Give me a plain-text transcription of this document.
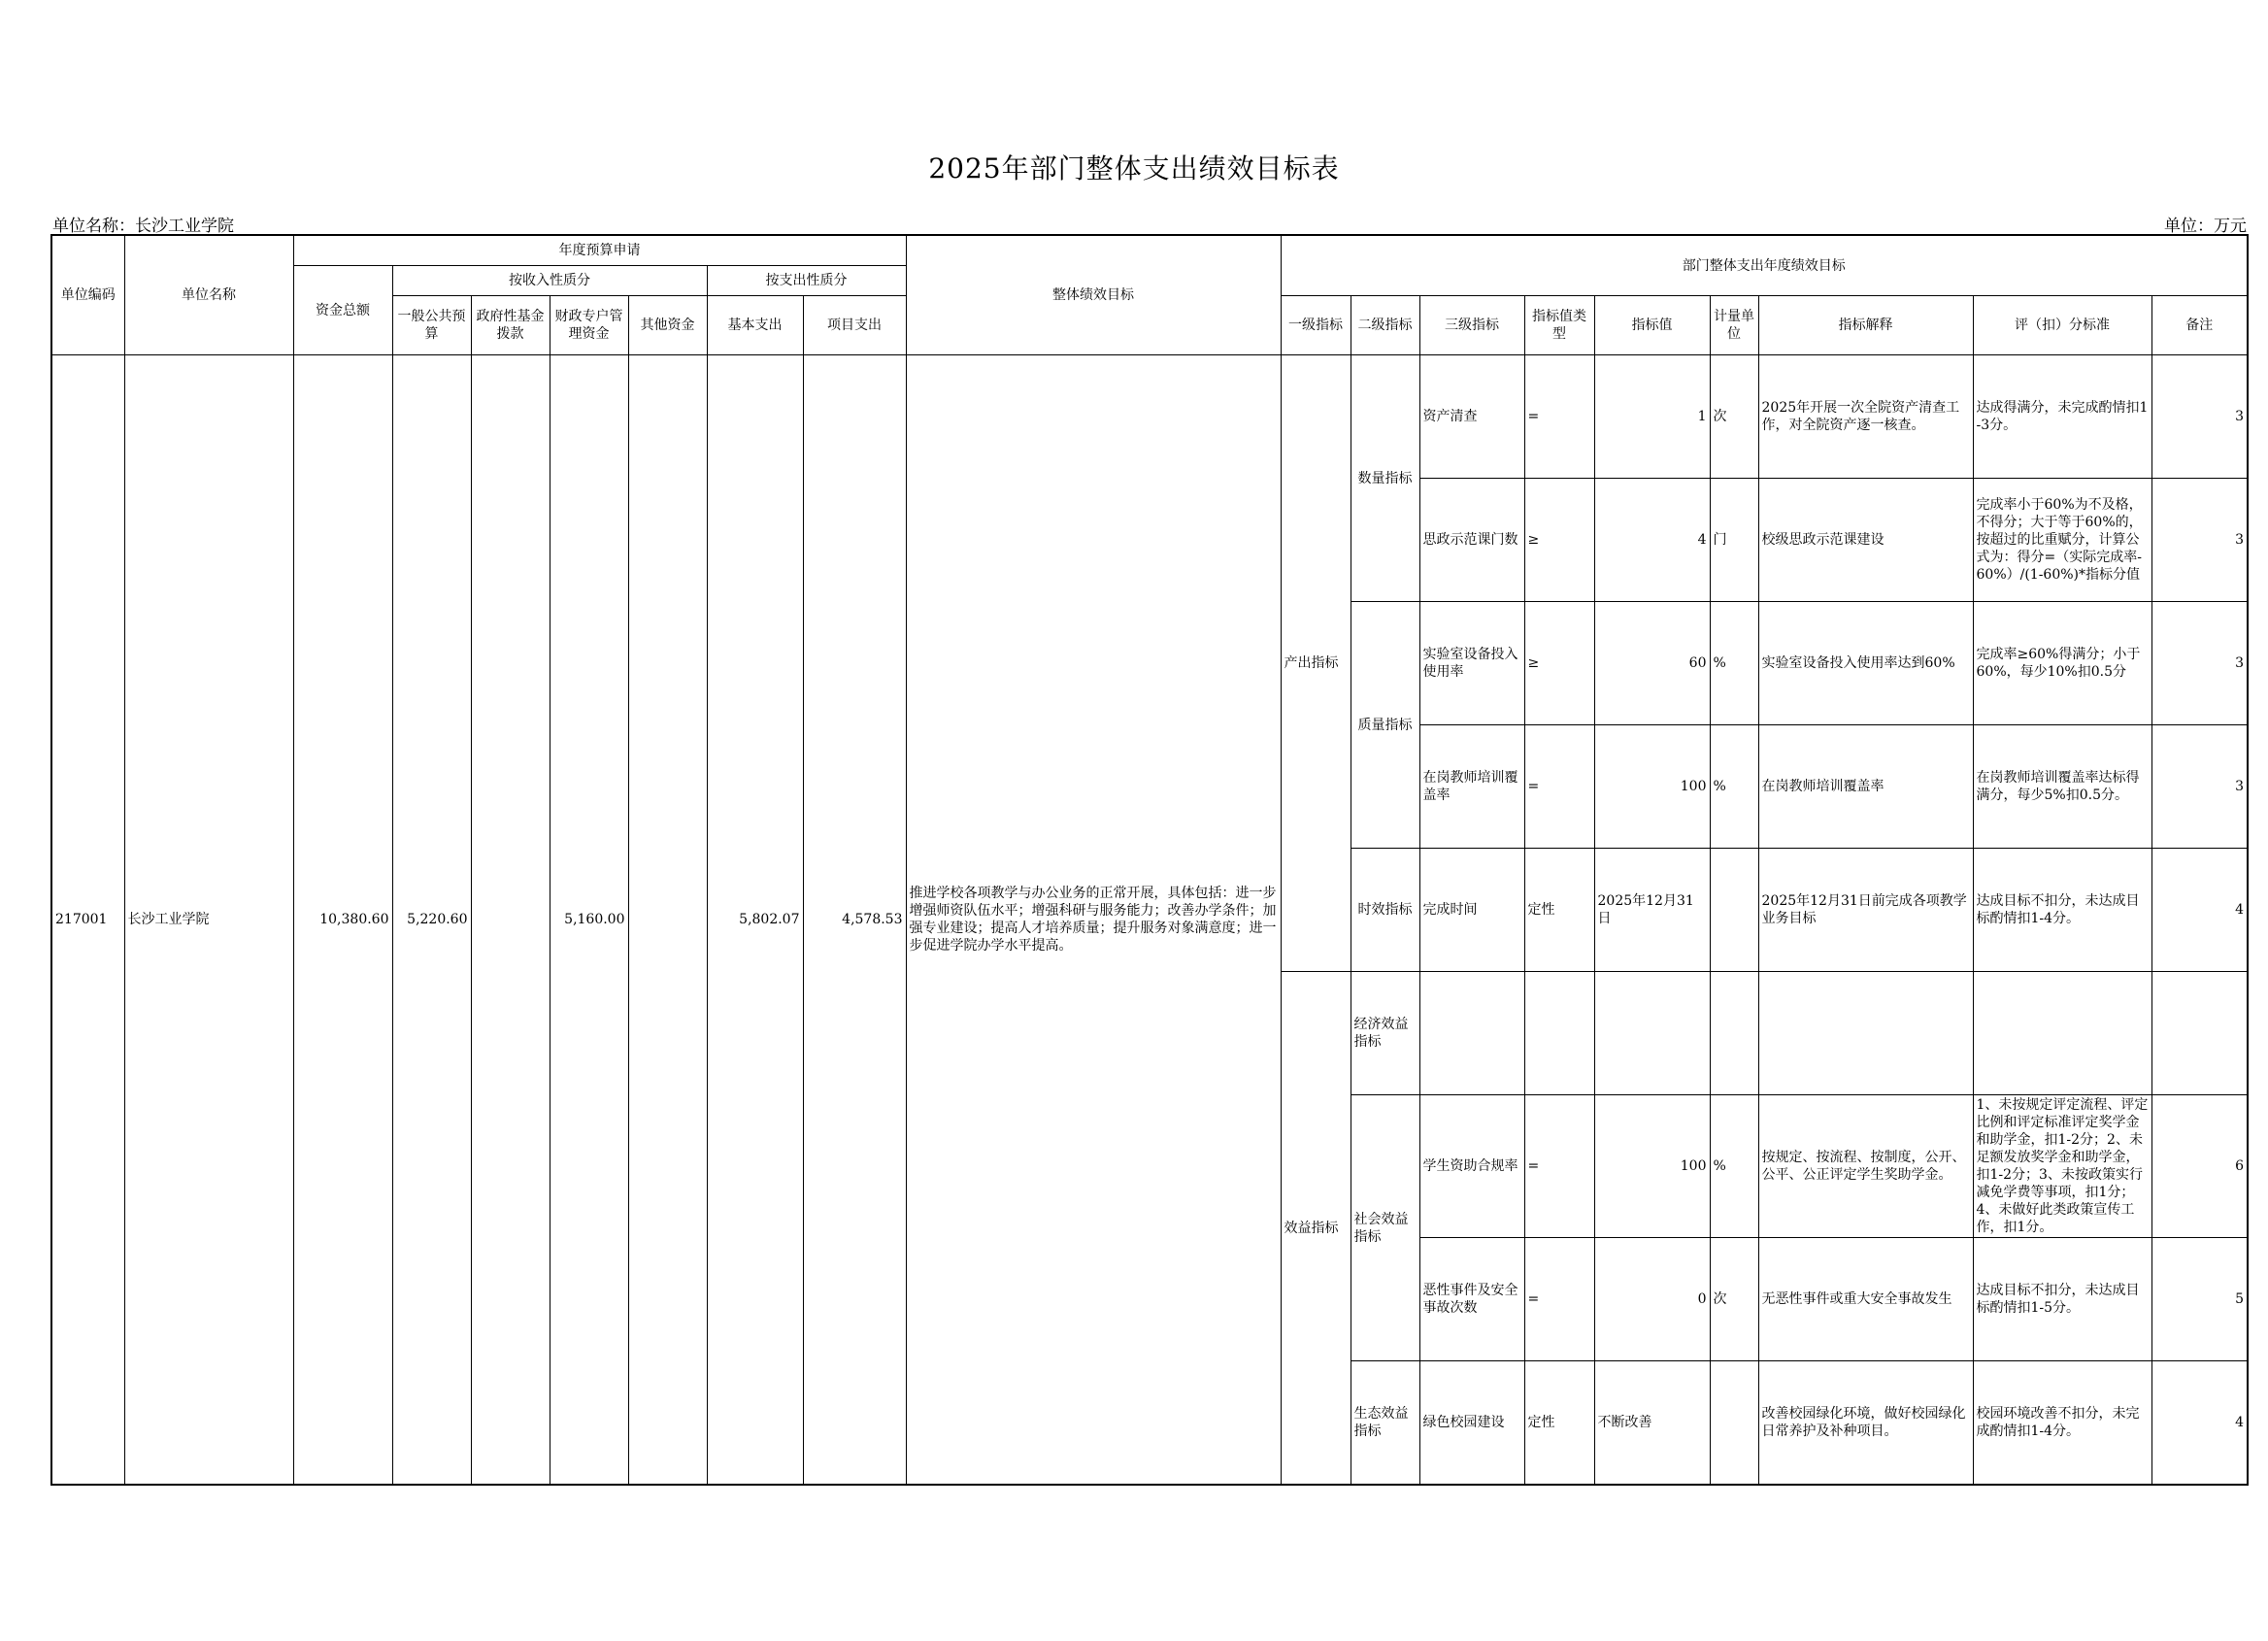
2025年部门整体支出绩效目标表
单位名称：长沙工业学院	单位：万元
单位编码	单位名称	年度预算申请							整体绩效目标	部门整体支出年度绩效目标								
		资金总额	按收入性质分				按支出性质分											
			一般公共预算	政府性基金拨款	财政专户管理资金	其他资金	基本支出	项目支出		一级指标	二级指标	三级指标	指标值类型	指标值	计量单位	指标解释	评（扣）分标准	备注
217001	长沙工业学院	10,380.60	5,220.60		5,160.00		5,802.07	4,578.53	推进学校各项教学与办公业务的正常开展，具体包括：进一步增强师资队伍水平；增强科研与服务能力；改善办学条件；加强专业建设；提高人才培养质量；提升服务对象满意度；进一步促进学院办学水平提高。	产出指标	数量指标	资产清查	=	1	次	2025年开展一次全院资产清查工作，对全院资产逐一核查。	达成得满分，未完成酌情扣1-3分。	3
												思政示范课门数	≥	4	门	校级思政示范课建设	完成率小于60%为不及格，不得分；大于等于60%的，按超过的比重赋分，计算公式为：得分=（实际完成率-60%）/(1-60%)*指标分值	3
											质量指标	实验室设备投入使用率	≥	60	%	实验室设备投入使用率达到60%	完成率≥60%得满分；小于60%，每少10%扣0.5分	3
												在岗教师培训覆盖率	=	100	%	在岗教师培训覆盖率	在岗教师培训覆盖率达标得满分，每少5%扣0.5分。	3
											时效指标	完成时间	定性	2025年12月31日		2025年12月31日前完成各项教学业务目标	达成目标不扣分，未达成目标酌情扣1-4分。	4
										效益指标	经济效益指标							
											社会效益指标	学生资助合规率	=	100	%	按规定、按流程、按制度，公开、公平、公正评定学生奖助学金。	1、未按规定评定流程、评定比例和评定标准评定奖学金和助学金，扣1-2分；2、未足额发放奖学金和助学金，扣1-2分；3、未按政策实行减免学费等事项，扣1分；4、未做好此类政策宣传工作，扣1分。	6
												恶性事件及安全事故次数	=	0	次	无恶性事件或重大安全事故发生	达成目标不扣分，未达成目标酌情扣1-5分。	5
											生态效益指标	绿色校园建设	定性	不断改善		改善校园绿化环境，做好校园绿化日常养护及补种项目。	校园环境改善不扣分，未完成酌情扣1-4分。	4
